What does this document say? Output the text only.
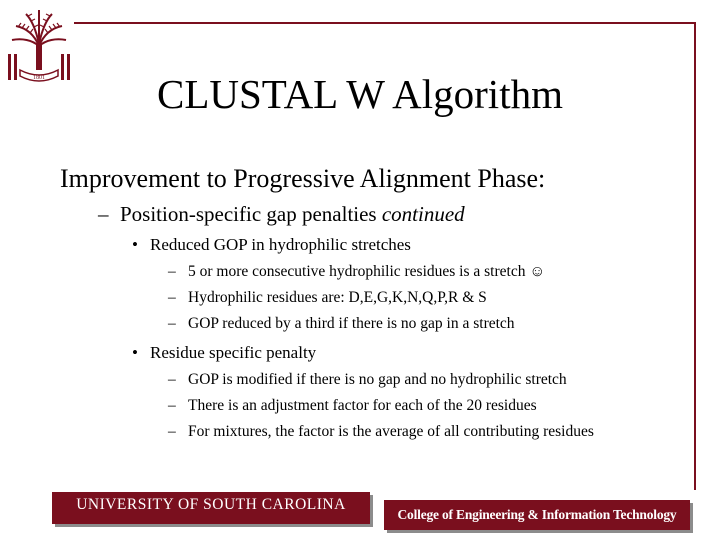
1801	CLUSTAL W Algorithm
Improvement to Progressive Alignment Phase:
– Position-specific gap penalties continued
• Reduced GOP in hydrophilic stretches
– 5 or more consecutive hydrophilic residues is a stretch ☺
– Hydrophilic residues are: D,E,G,K,N,Q,P,R & S
– GOP reduced by a third if there is no gap in a stretch
• Residue specific penalty
– GOP is modified if there is no gap and no hydrophilic stretch
– There is an adjustment factor for each of the 20 residues
– For mixtures, the factor is the average of all contributing residues
UNIVERSITY OF SOUTH CAROLINA
College of Engineering & Information Technology
